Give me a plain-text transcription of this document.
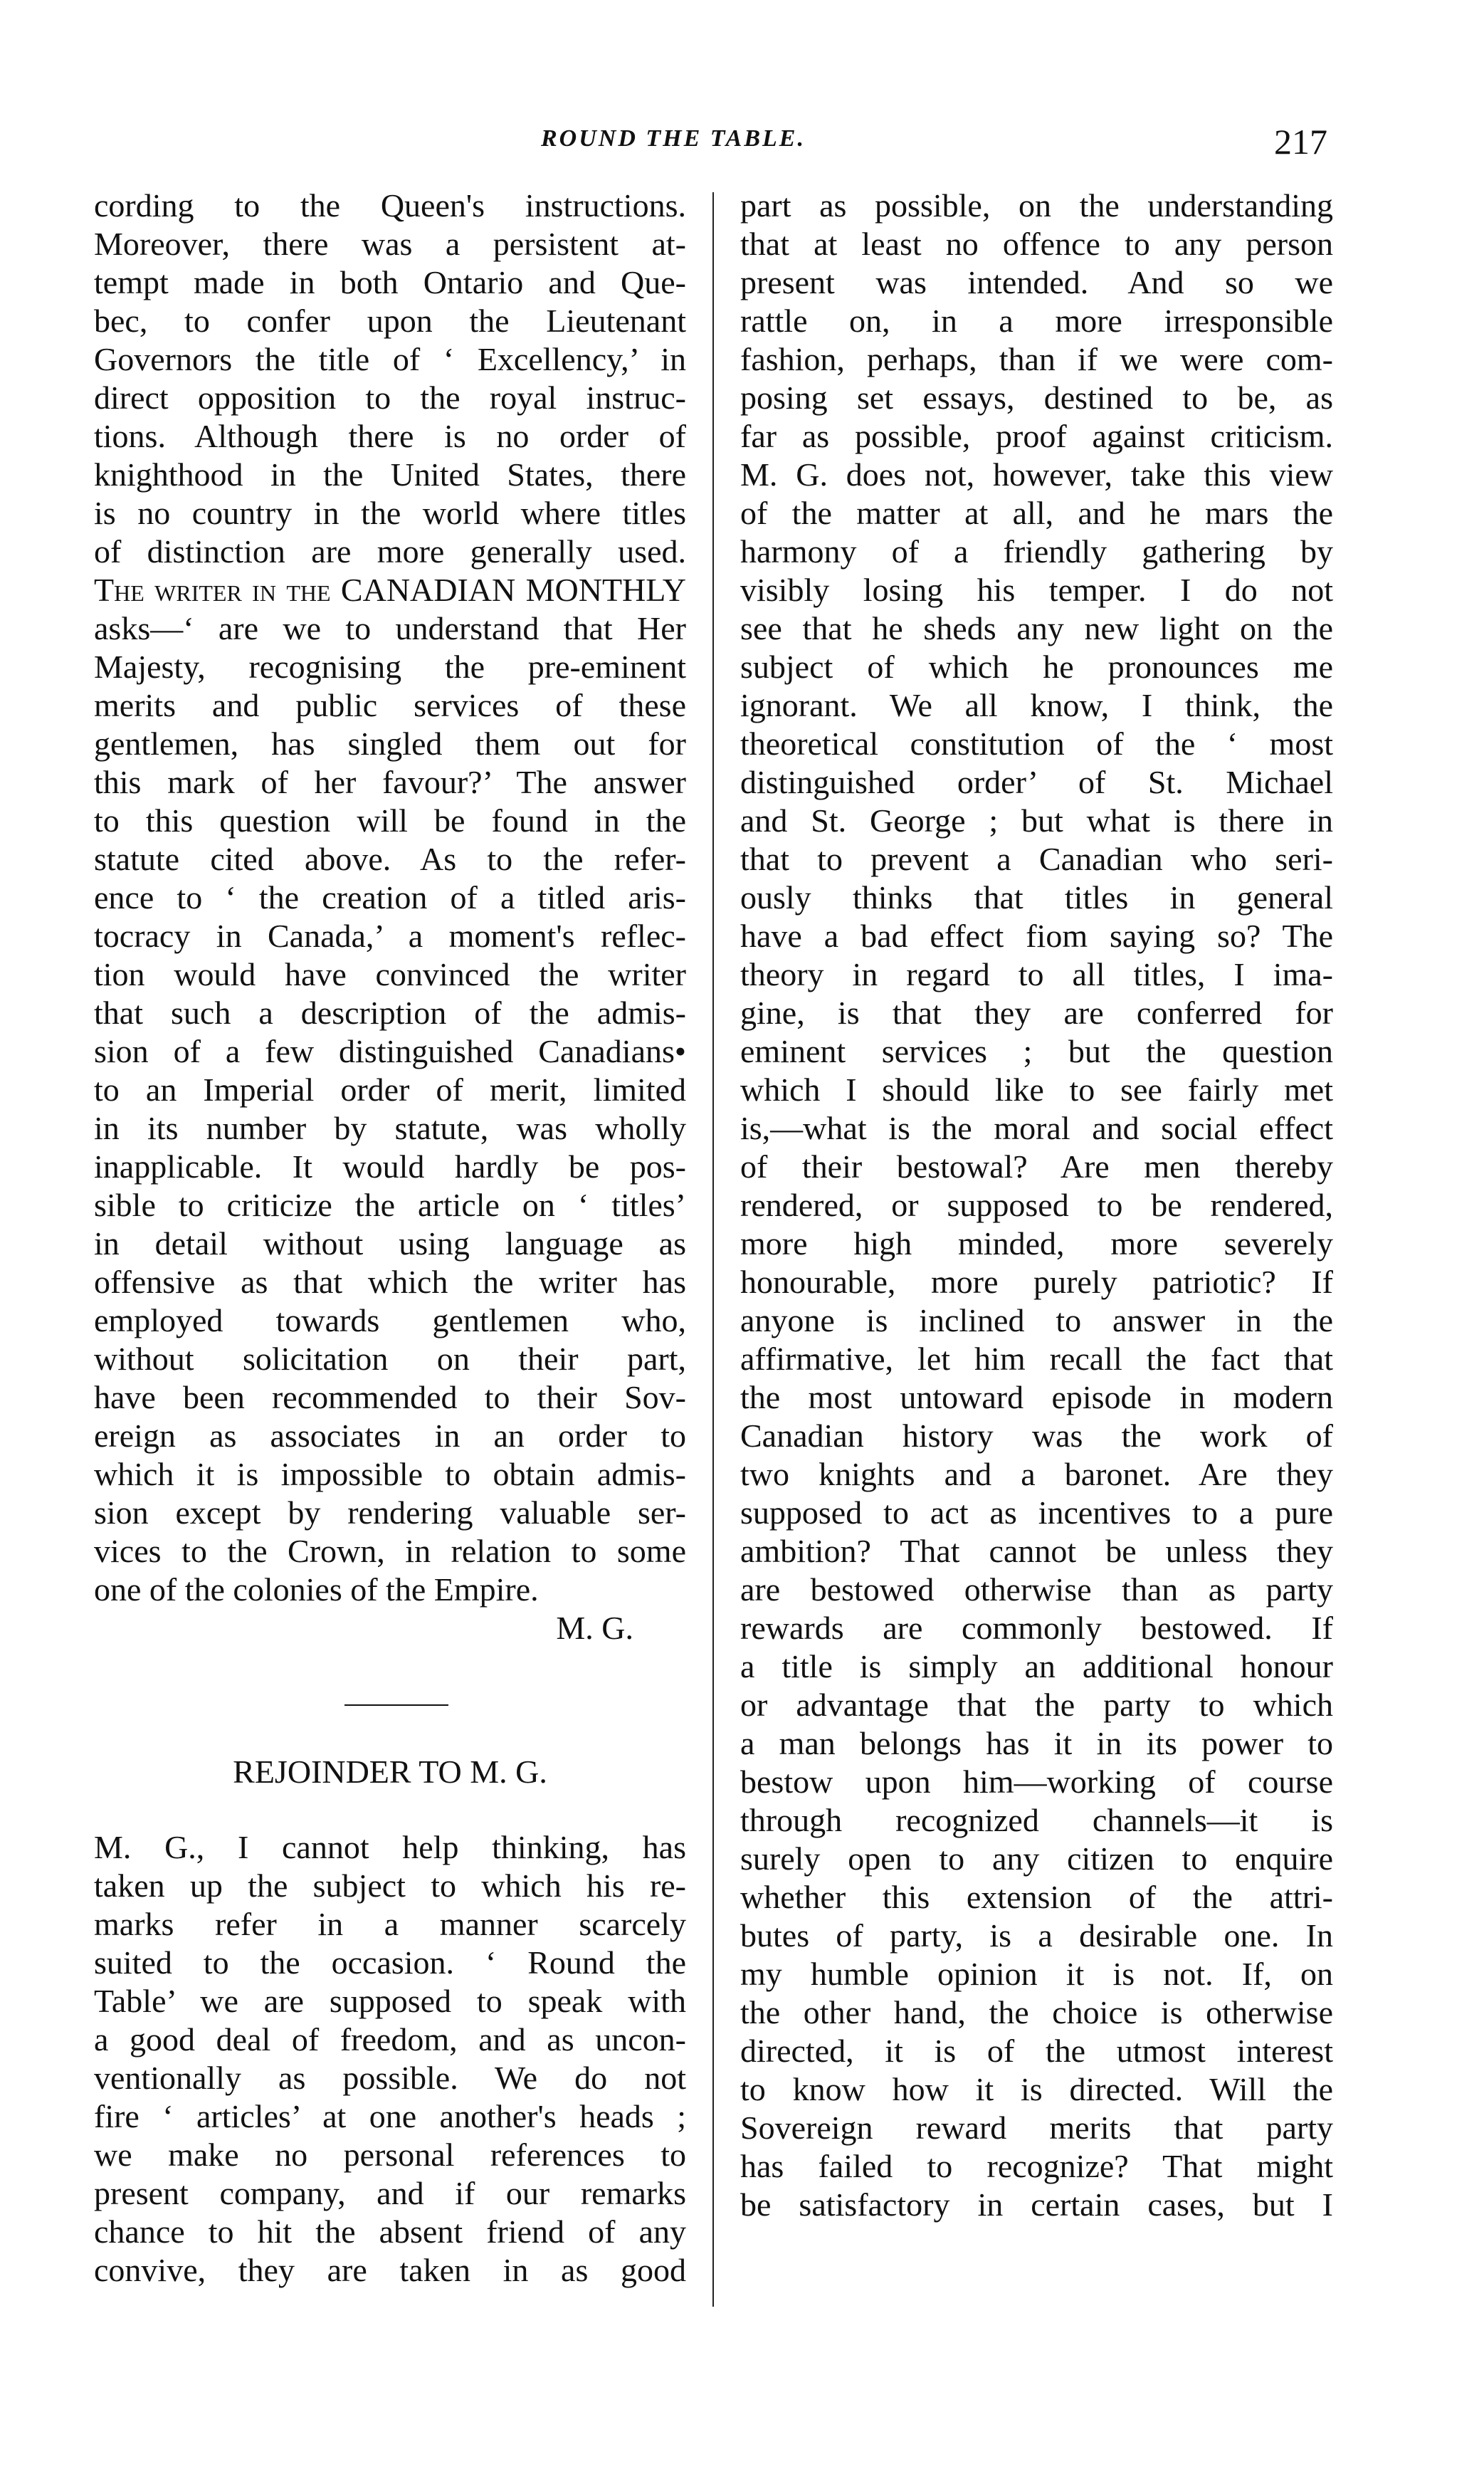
ROUND THE TABLE.	217
cording to the Queen's instructions.
Moreover, there was a persistent at-
tempt made in both Ontario and Que-
bec, to confer upon the Lieutenant
Governors the title of ‘ Excellency,’ in
direct opposition to the royal instruc-
tions. Although there is no order of
knighthood in the United States, there
is no country in the world where titles
of distinction are more generally used.
The writer in the CANADIAN MONTHLY
asks—‘ are we to understand that Her
Majesty, recognising the pre-eminent
merits and public services of these
gentlemen, has singled them out for
this mark of her favour?’ The answer
to this question will be found in the
statute cited above. As to the refer-
ence to ‘ the creation of a titled aris-
tocracy in Canada,’ a moment's reflec-
tion would have convinced the writer
that such a description of the admis-
sion of a few distinguished Canadians•
to an Imperial order of merit, limited
in its number by statute, was wholly
inapplicable. It would hardly be pos-
sible to criticize the article on ‘ titles’
in detail without using language as
offensive as that which the writer has
employed towards gentlemen who,
without solicitation on their part,
have been recommended to their Sov-
ereign as associates in an order to
which it is impossible to obtain admis-
sion except by rendering valuable ser-
vices to the Crown, in relation to some
one of the colonies of the Empire.
M. G.
REJOINDER TO M. G.
M. G., I cannot help thinking, has
taken up the subject to which his re-
marks refer in a manner scarcely
suited to the occasion. ‘ Round the
Table’ we are supposed to speak with
a good deal of freedom, and as uncon-
ventionally as possible. We do not
fire ‘ articles’ at one another's heads ;
we make no personal references to
present company, and if our remarks
chance to hit the absent friend of any
convive, they are taken in as good
part as possible, on the understanding
that at least no offence to any person
present was intended. And so we
rattle on, in a more irresponsible
fashion, perhaps, than if we were com-
posing set essays, destined to be, as
far as possible, proof against criticism.
M. G. does not, however, take this view
of the matter at all, and he mars the
harmony of a friendly gathering by
visibly losing his temper. I do not
see that he sheds any new light on the
subject of which he pronounces me
ignorant. We all know, I think, the
theoretical constitution of the ‘ most
distinguished order’ of St. Michael
and St. George ; but what is there in
that to prevent a Canadian who seri-
ously thinks that titles in general
have a bad effect fiom saying so? The
theory in regard to all titles, I ima-
gine, is that they are conferred for
eminent services ; but the question
which I should like to see fairly met
is,—what is the moral and social effect
of their bestowal? Are men thereby
rendered, or supposed to be rendered,
more high minded, more severely
honourable, more purely patriotic? If
anyone is inclined to answer in the
affirmative, let him recall the fact that
the most untoward episode in modern
Canadian history was the work of
two knights and a baronet. Are they
supposed to act as incentives to a pure
ambition? That cannot be unless they
are bestowed otherwise than as party
rewards are commonly bestowed. If
a title is simply an additional honour
or advantage that the party to which
a man belongs has it in its power to
bestow upon him—working of course
through recognized channels—it is
surely open to any citizen to enquire
whether this extension of the attri-
butes of party, is a desirable one. In
my humble opinion it is not. If, on
the other hand, the choice is otherwise
directed, it is of the utmost interest
to know how it is directed. Will the
Sovereign reward merits that party
has failed to recognize? That might
be satisfactory in certain cases, but I
